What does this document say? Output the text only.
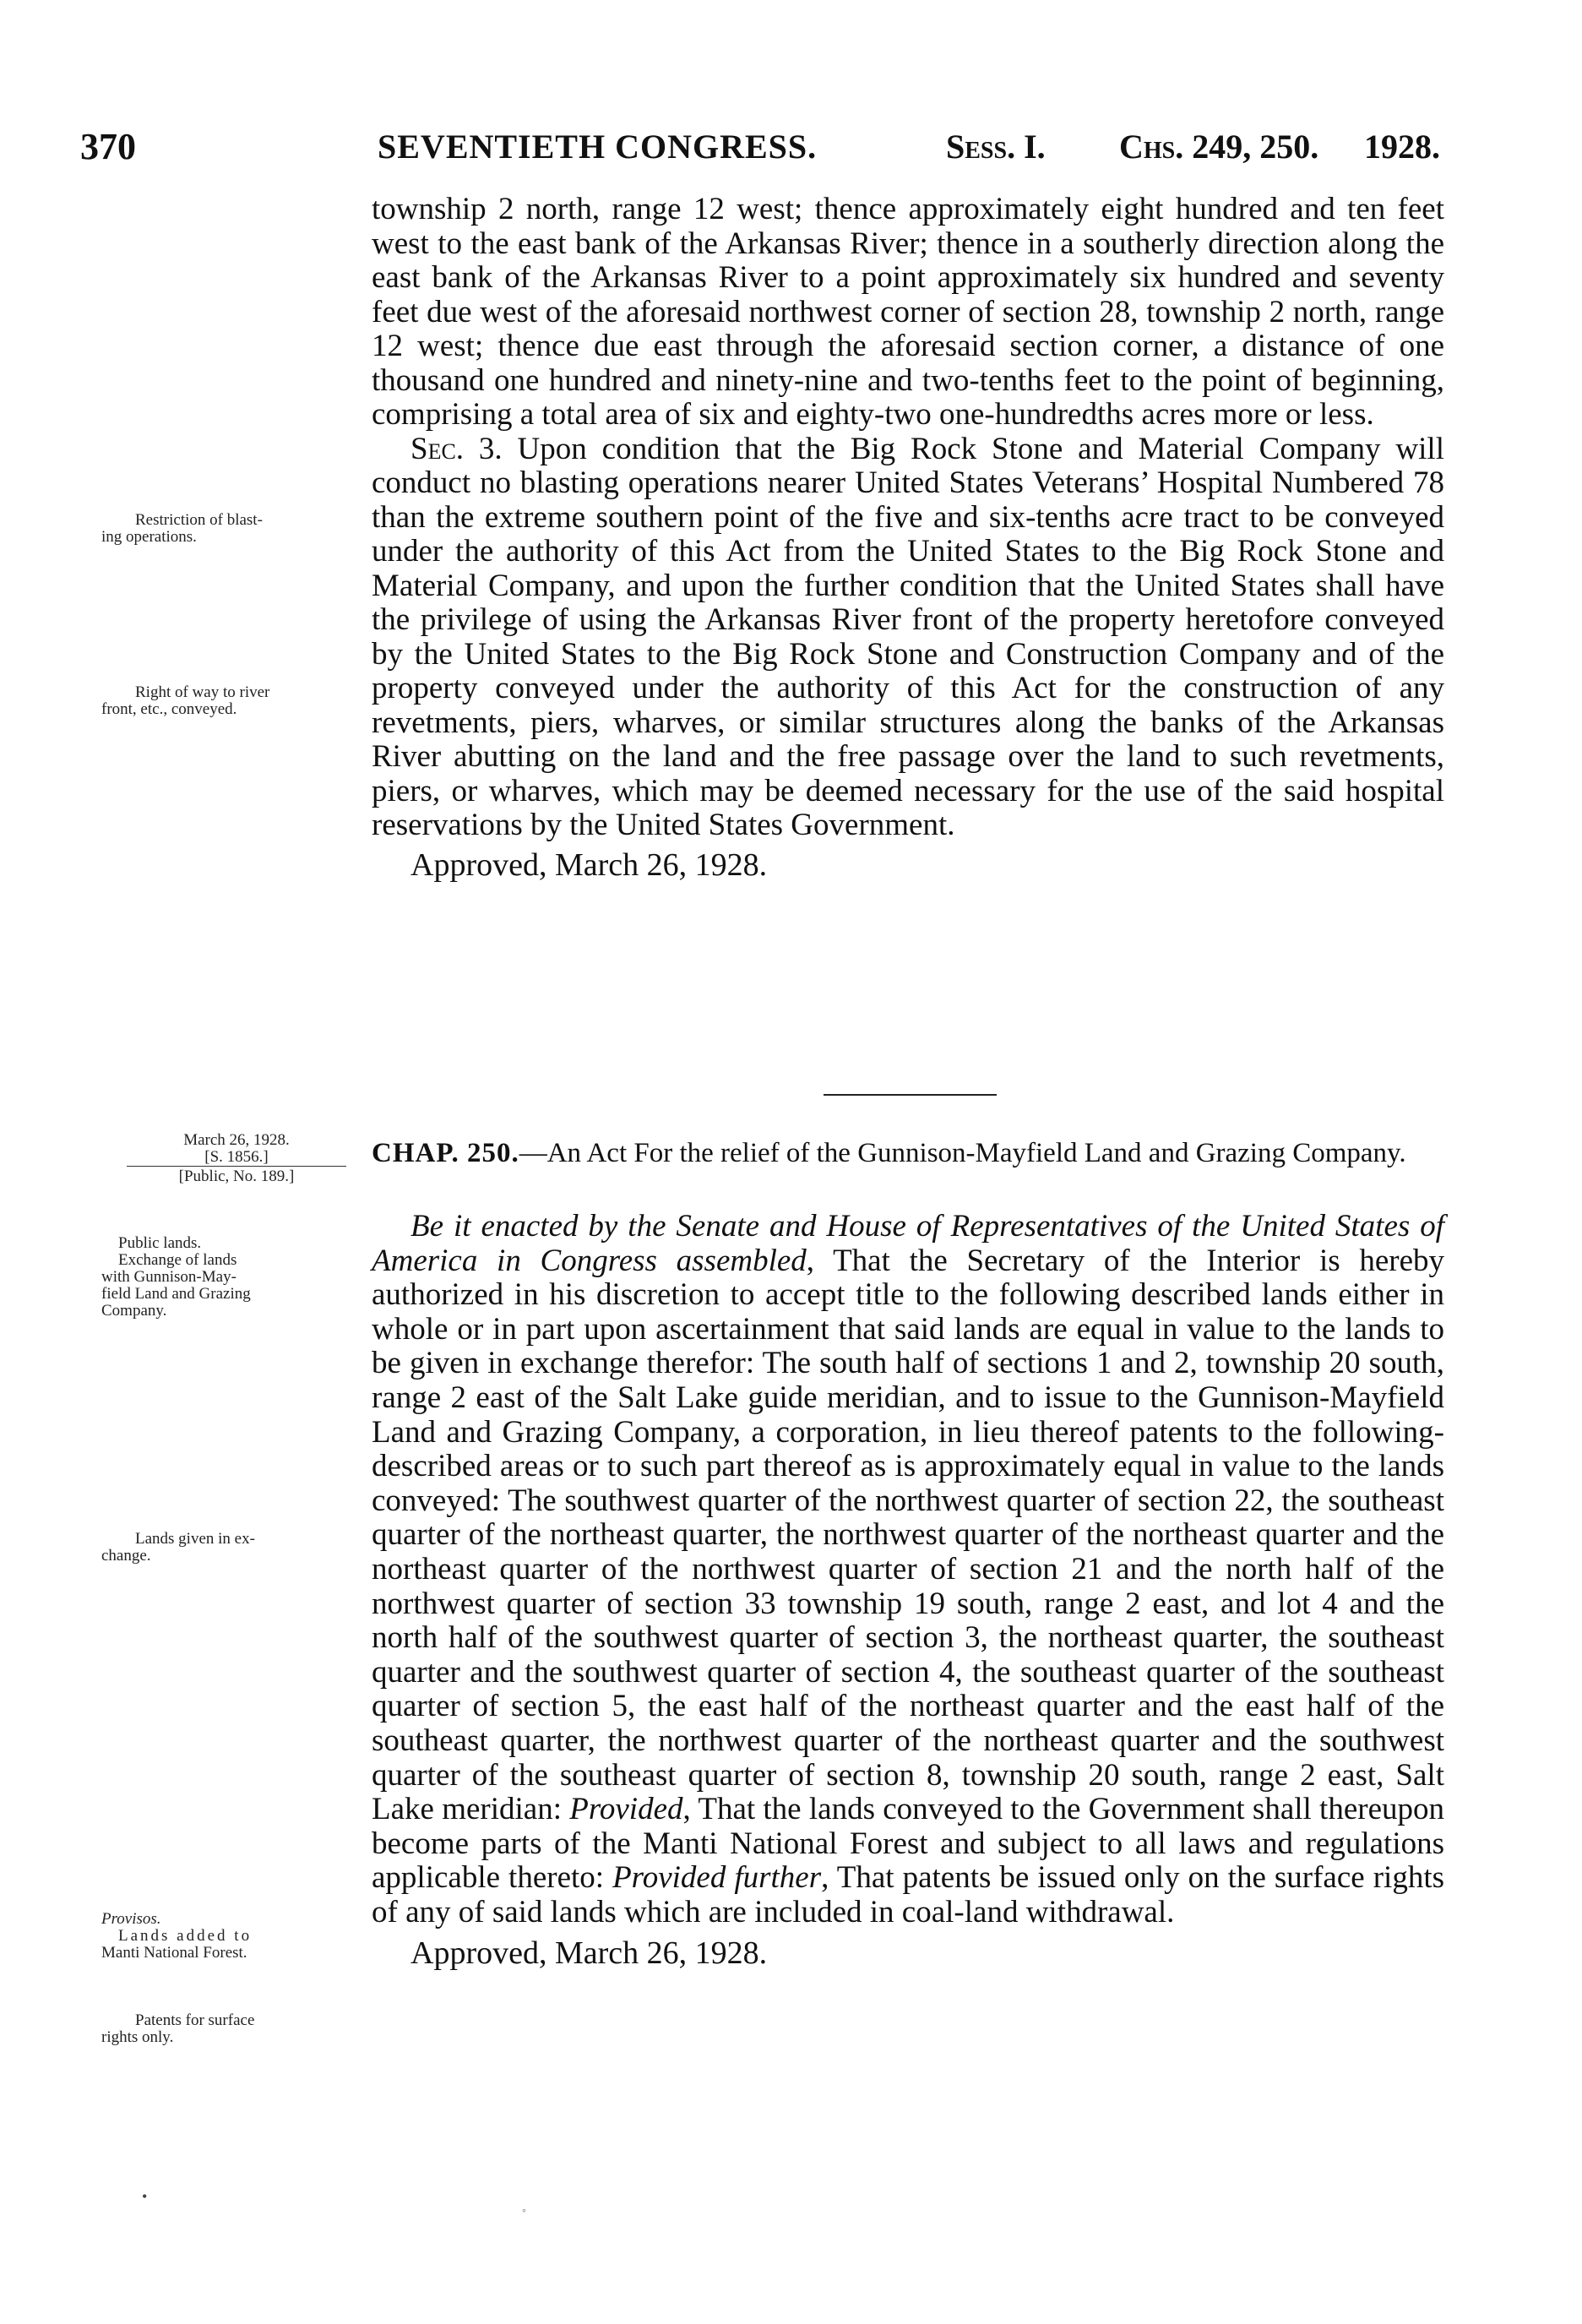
370	SEVENTIETH CONGRESS.	Sess. I. Chs. 249, 250. 1928.

township 2 north, range 12 west; thence approximately eight hundred and ten feet west to the east bank of the Arkansas River; thence in a southerly direction along the east bank of the Arkansas River to a point approximately six hundred and seventy feet due west of the aforesaid northwest corner of section 28, township 2 north, range 12 west; thence due east through the aforesaid section corner, a distance of one thousand one hundred and ninety-nine and two-tenths feet to the point of beginning, comprising a total area of six and eighty-two one-hundredths acres more or less.

Sec. 3. Upon condition that the Big Rock Stone and Material Company will conduct no blasting operations nearer United States Veterans’ Hospital Numbered 78 than the extreme southern point of the five and six-tenths acre tract to be conveyed under the authority of this Act from the United States to the Big Rock Stone and Material Company, and upon the further condition that the United States shall have the privilege of using the Arkansas River front of the property heretofore conveyed by the United States to the Big Rock Stone and Construction Company and of the property conveyed under the authority of this Act for the construction of any revetments, piers, wharves, or similar structures along the banks of the Arkansas River abutting on the land and the free passage over the land to such revetments, piers, or wharves, which may be deemed necessary for the use of the said hospital reservations by the United States Government.

Approved, March 26, 1928.

Restriction of blast-
ing operations.
Right of way to river
front, etc., conveyed.
March 26, 1928.
[S. 1856.]
[Public, No. 189.]
CHAP. 250.—An Act For the relief of the Gunnison-Mayfield Land and Grazing Company.

Be it enacted by the Senate and House of Representatives of the United States of America in Congress assembled, That the Secretary of the Interior is hereby authorized in his discretion to accept title to the following described lands either in whole or in part upon ascertainment that said lands are equal in value to the lands to be given in exchange therefor: The south half of sections 1 and 2, township 20 south, range 2 east of the Salt Lake guide meridian, and to issue to the Gunnison-Mayfield Land and Grazing Company, a corporation, in lieu thereof patents to the following-described areas or to such part thereof as is approximately equal in value to the lands conveyed: The southwest quarter of the northwest quarter of section 22, the southeast quarter of the northeast quarter, the northwest quarter of the northeast quarter and the northeast quarter of the northwest quarter of section 21 and the north half of the northwest quarter of section 33 township 19 south, range 2 east, and lot 4 and the north half of the southwest quarter of section 3, the northeast quarter, the southeast quarter and the southwest quarter of section 4, the southeast quarter of the southeast quarter of section 5, the east half of the northeast quarter and the east half of the southeast quarter, the northwest quarter of the northeast quarter and the southwest quarter of the southeast quarter of section 8, township 20 south, range 2 east, Salt Lake meridian: Provided, That the lands conveyed to the Government shall thereupon become parts of the Manti National Forest and subject to all laws and regulations applicable thereto: Provided further, That patents be issued only on the surface rights of any of said lands which are included in coal-land withdrawal.

Approved, March 26, 1928.

Public lands.
Exchange of lands
with Gunnison-May-
field Land and Grazing
Company.
Lands given in ex-
change.
Provisos.
Lands added to
Manti National Forest.
Patents for surface
rights only.
•
◦
